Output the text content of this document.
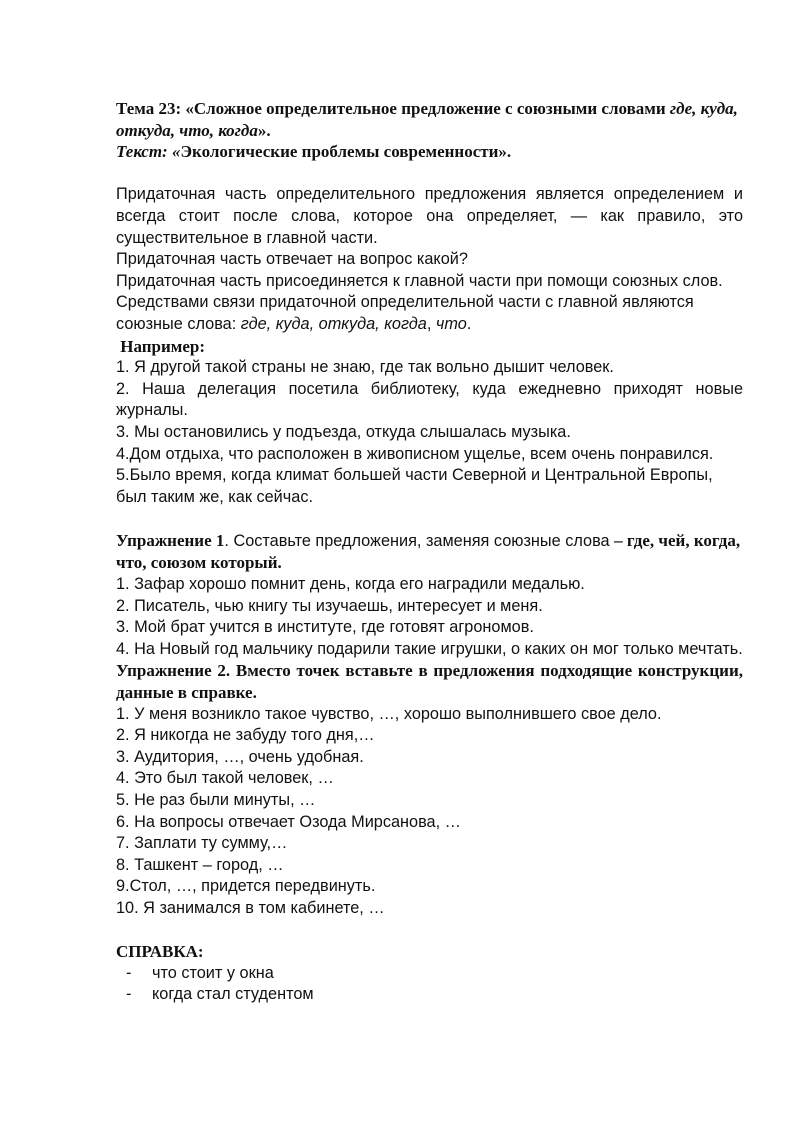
Тема 23: «Сложное определительное предложение с союзными словами где, куда, откуда, что, когда».

Текст: «Экологические проблемы современности».

Придаточная часть определительного предложения является определением и всегда стоит после слова, которое она определяет, — как правило, это существительное в главной части.

Придаточная часть отвечает на вопрос какой?

Придаточная часть присоединяется к главной части при помощи союзных слов. Средствами связи придаточной определительной части с главной являются союзные слова: где, куда, откуда, когда, что.

Например:

1. Я другой такой страны не знаю, где так вольно дышит человек.

2. Наша делегация посетила библиотеку, куда ежедневно приходят новые журналы.

3. Мы остановились у подъезда, откуда слышалась музыка.

4.Дом отдыха, что расположен в живописном ущелье, всем очень понравился.

5.Было время, когда климат большей части Северной и Центральной Европы, был таким же, как сейчас.

Упражнение 1. Составьте предложения, заменяя союзные слова – где, чей, когда, что, союзом который.

1. Зафар хорошо помнит день, когда его наградили медалью.

2. Писатель, чью книгу ты изучаешь, интересует и меня.

3. Мой брат учится в институте, где готовят агрономов.

4. На Новый год мальчику подарили такие игрушки, о каких он мог только мечтать.

Упражнение 2. Вместо точек вставьте в предложения подходящие конструкции, данные в справке.

1. У меня возникло такое чувство, …, хорошо выполнившего свое дело.

2. Я никогда не забуду того дня,…

3. Аудитория, …, очень удобная.

4. Это был такой человек, …

5. Не раз были минуты, …

6. На вопросы отвечает Озода Мирсанова, …

7. Заплати ту сумму,…

8. Ташкент – город, …

9.Стол, …, придется передвинуть.

10. Я занимался в том кабинете, …

СПРАВКА:

- что стоит у окна
- когда стал студентом
